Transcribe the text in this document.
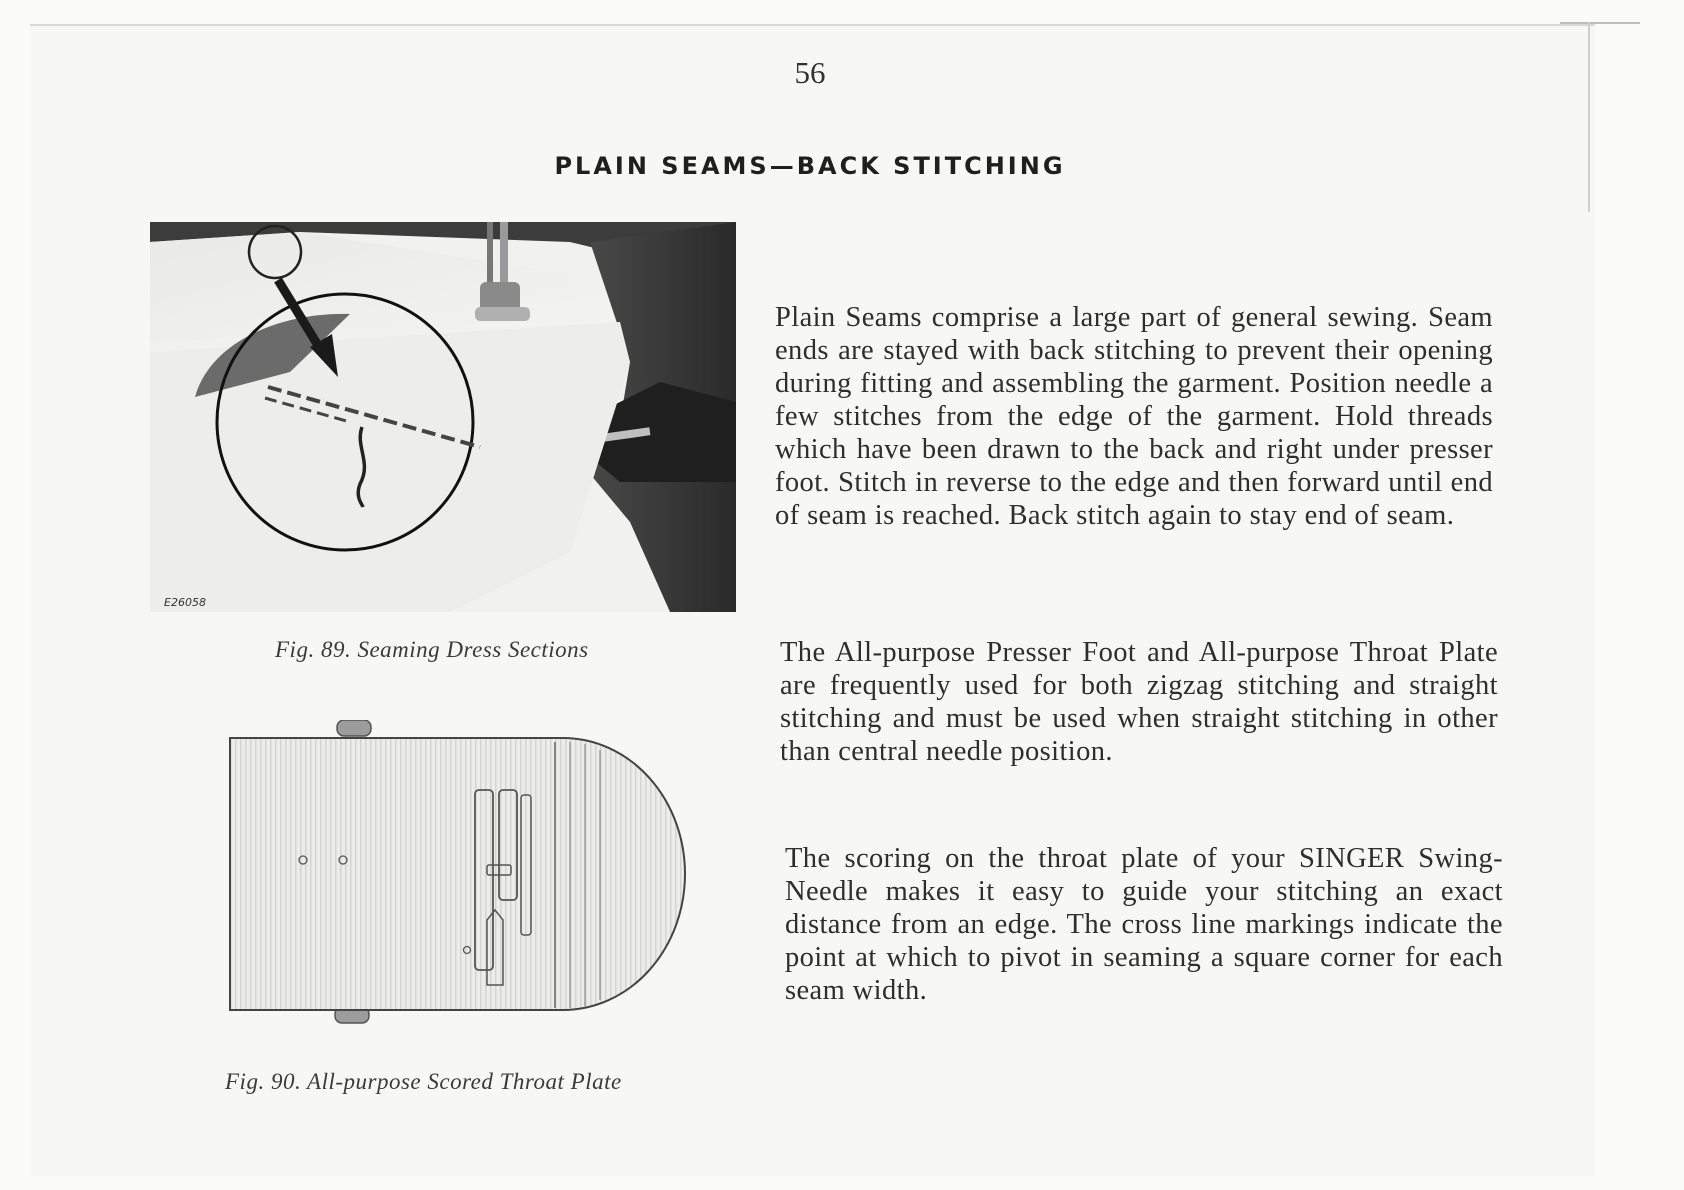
56
PLAIN SEAMS—BACK STITCHING
E26058
Fig. 89. Seaming Dress Sections
Fig. 90. All-purpose Scored Throat Plate

Plain Seams comprise a large part of general sewing. Seam ends are stayed with back stitching to prevent their opening during fitting and assembling the garment. Position needle a few stitches from the edge of the garment. Hold threads which have been drawn to the back and right under presser foot. Stitch in reverse to the edge and then forward until end of seam is reached. Back stitch again to stay end of seam.

The All-purpose Presser Foot and All-purpose Throat Plate are frequently used for both zigzag stitching and straight stitching and must be used when straight stitching in other than central needle position.

The scoring on the throat plate of your SINGER Swing-Needle makes it easy to guide your stitching an exact distance from an edge. The cross line markings indicate the point at which to pivot in seaming a square corner for each seam width.
